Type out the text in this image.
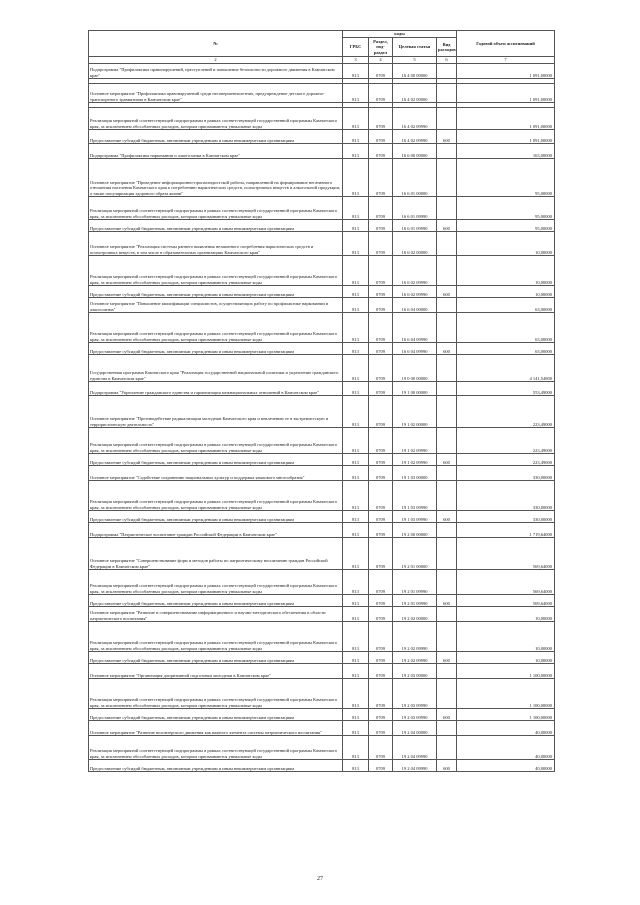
№	коды				Годовой объем ассигнований
	ГРБС	Раздел, под-раздел	Целевая статья	Вид расходов	
2	3	4	5	6	7
Подпрограмма "Профилактика правонарушений, преступлений и повышение безопасности дорожного движения в Камчатском крае"	813	0709	16 4 00 00000		1 091,00000

Основное мероприятие "Профилактика правонарушений среди несовершеннолетних, предупреждение детского дорожно-транспортного травматизма в Камчатском крае"	813	0709	16 4 02 00000		1 091,00000

Реализация мероприятий соответствующей подпрограммы в рамках соответствующей государственной программы Камчатского края, за исключением обособленных расходов, которым присваиваются уникальные коды	813	0709	16 4 02 09990		1 091,00000
Предоставление субсидий бюджетным, автономным учреждениям и иным некоммерческим организациям	813	0709	16 4 02 09990	600	1 091,00000
Подпрограмма "Профилактика наркомании и алкоголизма в Камчатском крае"	813	0709	16 6 00 00000		163,00000
Основное мероприятие "Проведение информационно-пропагандистской работы, направленной на формирование негативного отношения населения Камчатского края к потреблению наркотических средств, психотропных веществ и алкогольной продукции, а также популяризация здорового образа жизни"	813	0709	16 6 01 00000		95,00000
Реализация мероприятий соответствующей подпрограммы в рамках соответствующей государственной программы Камчатского края, за исключением обособленных расходов, которым присваиваются уникальные коды	813	0709	16 6 01 09990		95,00000
Предоставление субсидий бюджетным, автономным учреждениям и иным некоммерческим организациям	813	0709	16 6 01 09990	600	95,00000
Основное мероприятие "Реализация системы раннего выявления незаконного потребления наркотических средств и психотропных веществ, в том числе в образовательных организациях Камчатского края"	813	0709	16 6 02 00000		10,00000
Реализация мероприятий соответствующей подпрограммы в рамках соответствующей государственной программы Камчатского края, за исключением обособленных расходов, которым присваиваются уникальные коды	813	0709	16 6 02 09990		10,00000
Предоставление субсидий бюджетным, автономным учреждениям и иным некоммерческим организациям	813	0709	16 6 02 09990	600	10,00000
Основное мероприятие "Повышение квалификации специалистов, осуществляющих работу по профилактике наркомании и алкоголизма"	813	0709	16 6 04 00000		63,00000
Реализация мероприятий соответствующей подпрограммы в рамках соответствующей государственной программы Камчатского края, за исключением обособленных расходов, которым присваиваются уникальные коды	813	0709	16 6 04 09990		63,00000
Предоставление субсидий бюджетным, автономным учреждениям и иным некоммерческим организациям	813	0709	16 6 04 09990	600	63,00000
Государственная программа Камчатского края "Реализация государственной национальной политики и укрепление гражданского единства в Камчатском крае"	813	0709	19 0 00 00000		4 141,54800
Подпрограмма "Укрепление гражданского единства и гармонизация межнациональных отношений в Камчатском крае"	813	0709	19 1 00 00000		553,49000
Основное мероприятие "Противодействие радикализации молодежи Камчатского края и вовлечению ее в экстремистскую и террористическую деятельность"	813	0709	19 1 02 00000		223,49000
Реализация мероприятий соответствующей подпрограммы в рамках соответствующей государственной программы Камчатского края, за исключением обособленных расходов, которым присваиваются уникальные коды	813	0709	19 1 02 09990		223,49000
Предоставление субсидий бюджетным, автономным учреждениям и иным некоммерческим организациям	813	0709	19 1 02 09990	600	223,49000
Основное мероприятие "Содействие сохранению национальных культур и поддержка языкового многообразия"	813	0709	19 1 03 00000		330,00000
Реализация мероприятий соответствующей подпрограммы в рамках соответствующей государственной программы Камчатского края, за исключением обособленных расходов, которым присваиваются уникальные коды	813	0709	19 1 03 09990		330,00000
Предоставление субсидий бюджетным, автономным учреждениям и иным некоммерческим организациям	813	0709	19 1 03 09990	600	330,00000
Подпрограмма "Патриотическое воспитание граждан Российской Федерации в Камчатском крае"	813	0709	19 2 00 00000		1 719,64000
Основное мероприятие "Совершенствование форм и методов работы по патриотическому воспитанию граждан Российской Федерации в Камчатском крае"	813	0709	19 2 01 00000		569,64000
Реализация мероприятий соответствующей подпрограммы в рамках соответствующей государственной программы Камчатского края, за исключением обособленных расходов, которым присваиваются уникальные коды	813	0709	19 2 01 09990		569,64000
Предоставление субсидий бюджетным, автономным учреждениям и иным некоммерческим организациям	813	0709	19 2 01 09990	600	569,64000
Основное мероприятие "Развитие и совершенствование информационного и научно-методического обеспечения в области патриотического воспитания"	813	0709	19 2 02 00000		10,00000
Реализация мероприятий соответствующей подпрограммы в рамках соответствующей государственной программы Камчатского края, за исключением обособленных расходов, которым присваиваются уникальные коды	813	0709	19 2 02 09990		10,00000
Предоставление субсидий бюджетным, автономным учреждениям и иным некоммерческим организациям	813	0709	19 2 02 09990	600	10,00000
Основное мероприятие "Организация допризывной подготовки молодежи в Камчатском крае"	813	0709	19 2 03 00000		1 100,00000
Реализация мероприятий соответствующей подпрограммы в рамках соответствующей государственной программы Камчатского края, за исключением обособленных расходов, которым присваиваются уникальные коды	813	0709	19 2 03 09990		1 100,00000
Предоставление субсидий бюджетным, автономным учреждениям и иным некоммерческим организациям	813	0709	19 2 03 09990	600	1 100,00000
Основное мероприятие "Развитие волонтерского движения как важного элемента системы патриотического воспитания"	813	0709	19 2 04 00000		40,00000
Реализация мероприятий соответствующей подпрограммы в рамках соответствующей государственной программы Камчатского края, за исключением обособленных расходов, которым присваиваются уникальные коды	813	0709	19 2 04 09990		40,00000
Предоставление субсидий бюджетным, автономным учреждениям и иным некоммерческим организациям	813	0709	19 2 04 09990	600	40,00000
27
